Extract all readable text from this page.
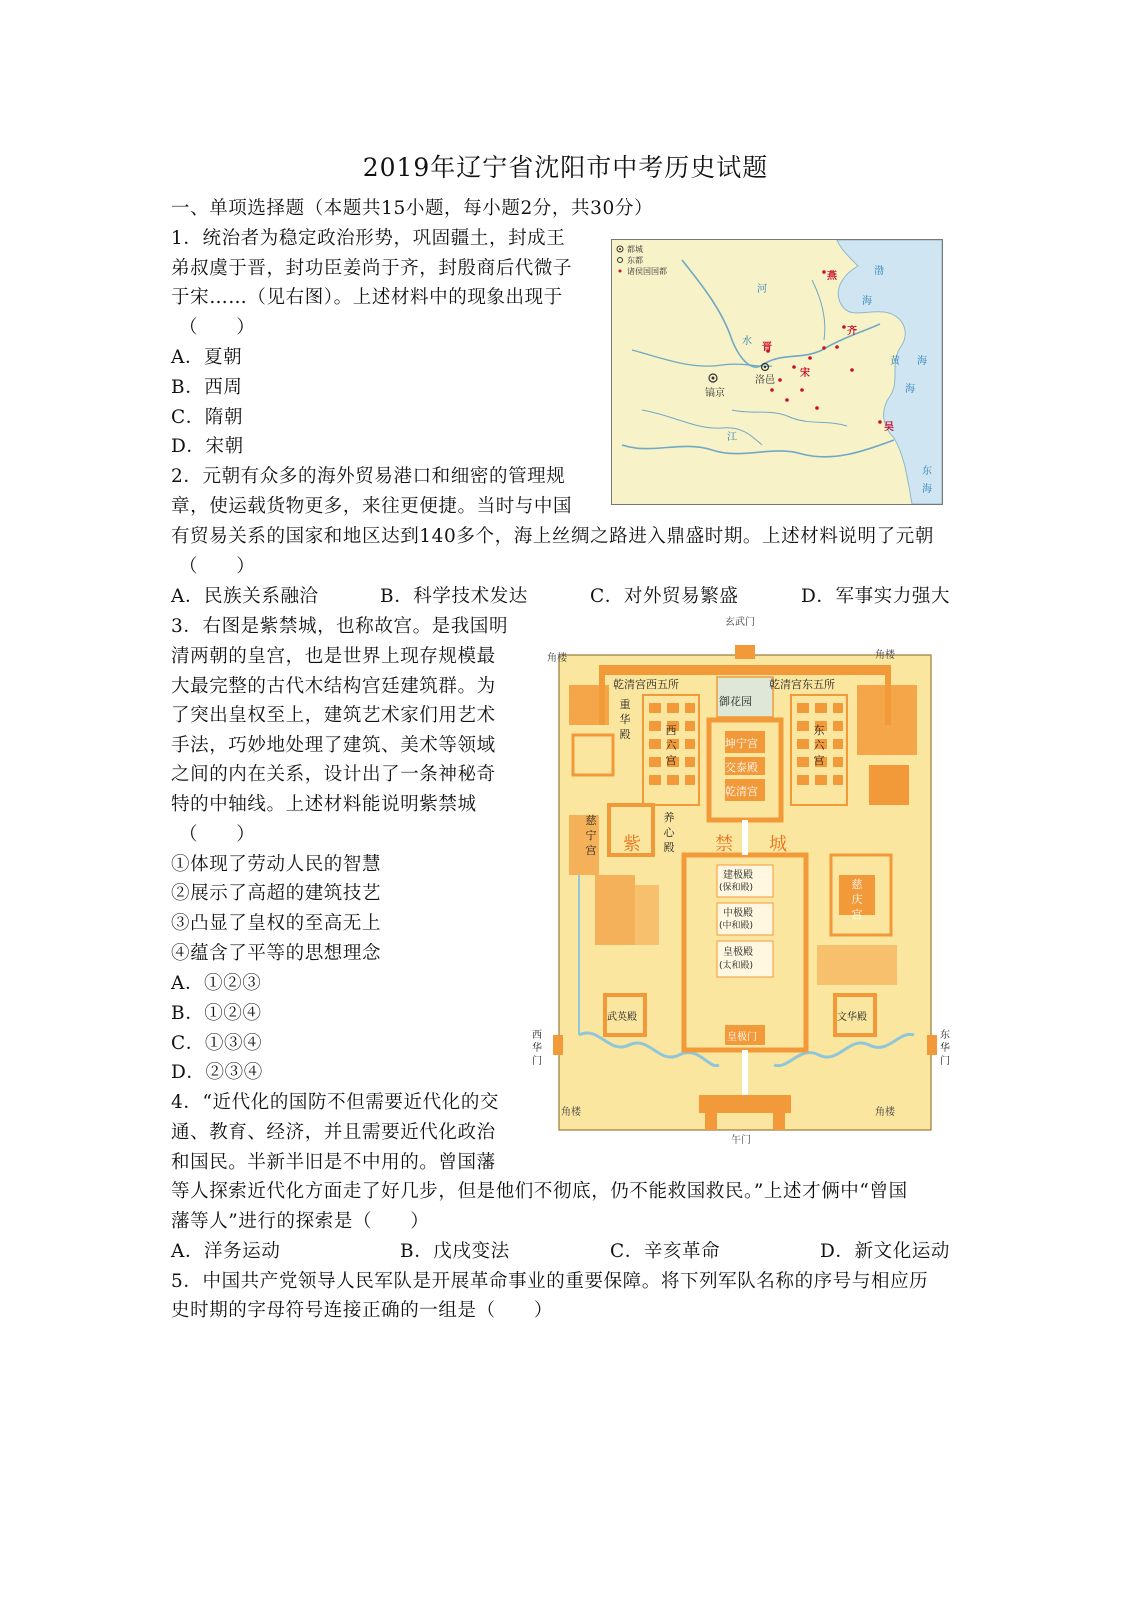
2019年辽宁省沈阳市中考历史试题
一、单项选择题（本题共15小题，每小题2分，共30分）
1．统治者为稳定政治形势，巩固疆土，封成王
弟叔虞于晋，封功臣姜尚于齐，封殷商后代微子
于宋……（见右图）。上述材料中的现象出现于
（　　）
A．夏朝
B．西周
C．隋朝
D．宋朝
都城
东都
诸侯国国都
镐京
洛邑
燕
齐
晋
宋
吴
渤
海
黄 海
海
东
海
河
水
江
2．元朝有众多的海外贸易港口和细密的管理规
章，使运载货物更多，来往更便捷。当时与中国
有贸易关系的国家和地区达到140多个，海上丝绸之路进入鼎盛时期。上述材料说明了元朝
（　　）
A．民族关系融洽	B．科学技术发达	C．对外贸易繁盛	D．军事实力强大
3．右图是紫禁城，也称故宫。是我国明
清两朝的皇宫，也是世界上现存规模最
大最完整的古代木结构宫廷建筑群。为
了突出皇权至上，建筑艺术家们用艺术
手法，巧妙地处理了建筑、美术等领域
之间的内在关系，设计出了一条神秘奇
特的中轴线。上述材料能说明紫禁城
（　　）
①体现了劳动人民的智慧
②展示了高超的建筑技艺
③凸显了皇权的至高无上
④蕴含了平等的思想理念
A．①②③
B．①②④
C．①③④
D．②③④
玄武门
午门
角楼	角楼
角楼	角楼
西华门
东华门
乾清宫西五所	乾清宫东五所
御花园
坤宁宫
交泰殿
乾清宫
重华殿	西六宫
东六宫
养心殿
慈宁宫 紫	禁 城
建极殿
(保和殿)
中极殿
(中和殿)
皇极殿
(太和殿)
皇极门
武英殿	文华殿
慈庆宫
4．“近代化的国防不但需要近代化的交
通、教育、经济，并且需要近代化政治
和国民。半新半旧是不中用的。曾国藩
等人探索近代化方面走了好几步，但是他们不彻底，仍不能救国救民。”上述才俩中“曾国
藩等人”进行的探索是（　　）
A．洋务运动	B．戊戌变法	C．辛亥革命	D．新文化运动
5．中国共产党领导人民军队是开展革命事业的重要保障。将下列军队名称的序号与相应历
史时期的字母符号连接正确的一组是（　　）
